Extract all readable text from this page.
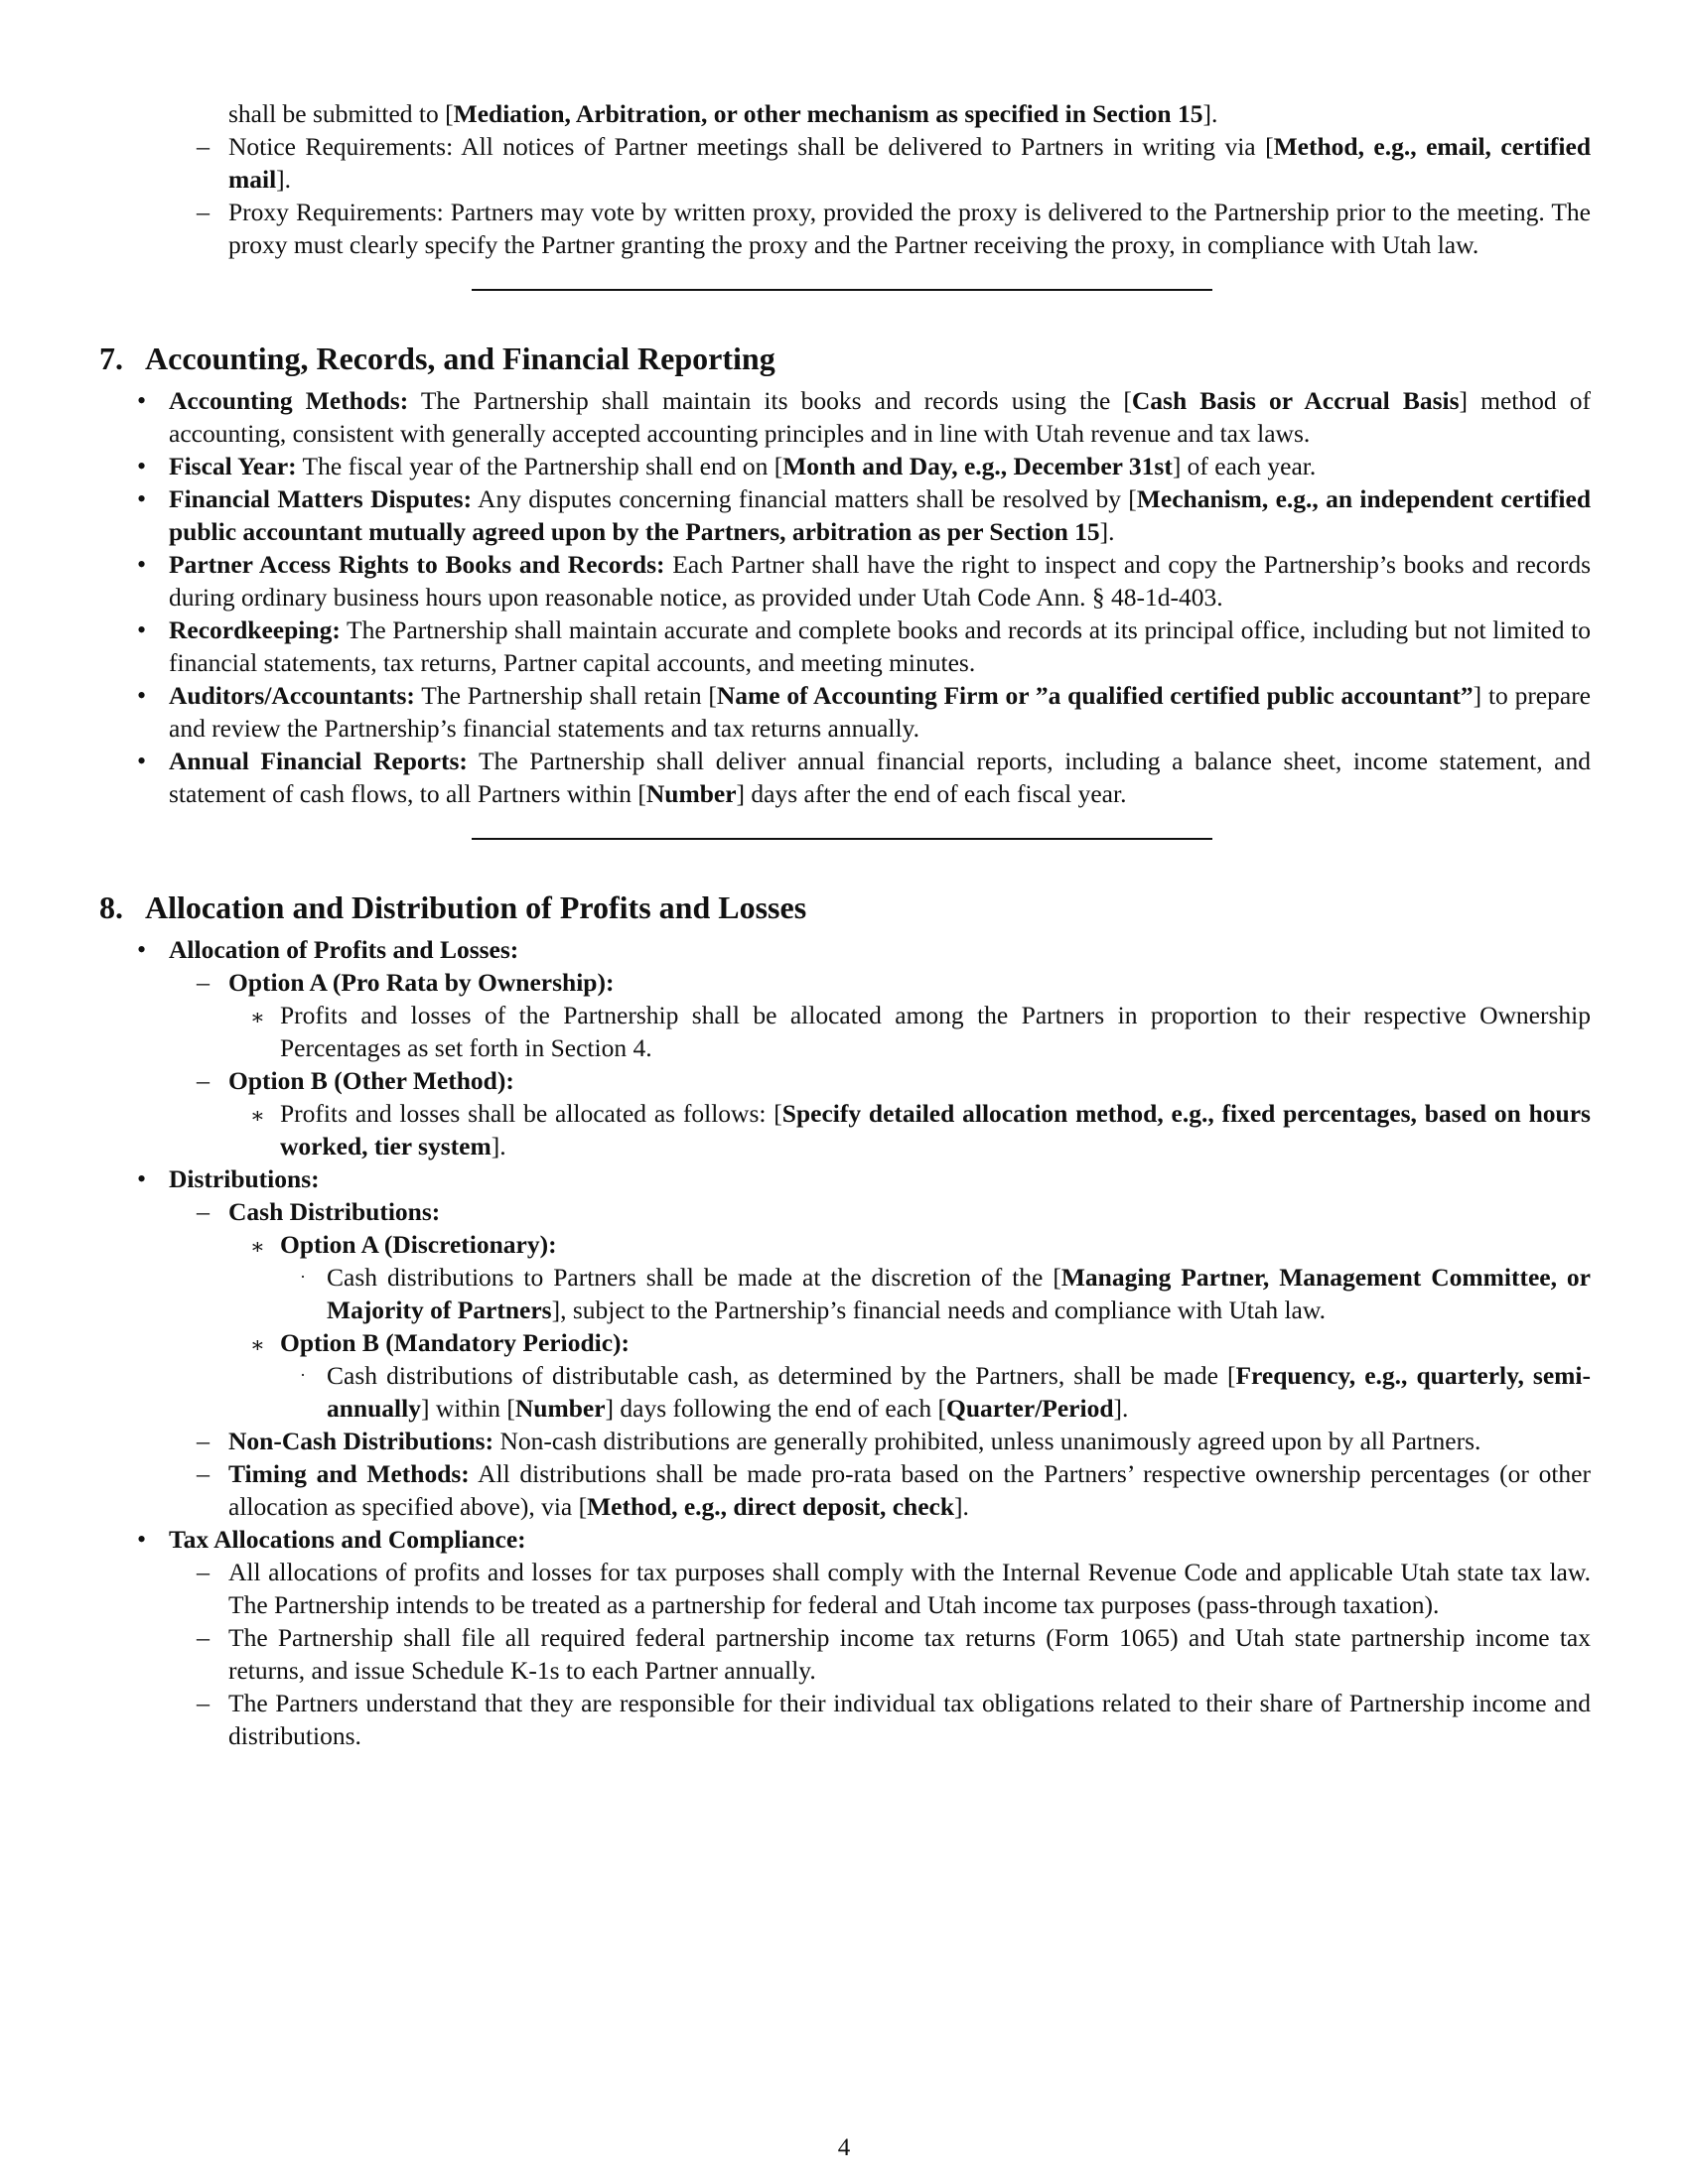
shall be submitted to [Mediation, Arbitration, or other mechanism as specified in Section 15].
– Notice Requirements: All notices of Partner meetings shall be delivered to Partners in writing via [Method, e.g., email, certified mail].
– Proxy Requirements: Partners may vote by written proxy, provided the proxy is delivered to the Partnership prior to the meeting. The proxy must clearly specify the Partner granting the proxy and the Partner receiving the proxy, in compliance with Utah law.
7. Accounting, Records, and Financial Reporting
• Accounting Methods: The Partnership shall maintain its books and records using the [Cash Basis or Accrual Basis] method of accounting, consistent with generally accepted accounting principles and in line with Utah revenue and tax laws.
• Fiscal Year: The fiscal year of the Partnership shall end on [Month and Day, e.g., December 31st] of each year.
• Financial Matters Disputes: Any disputes concerning financial matters shall be resolved by [Mechanism, e.g., an independent certified public accountant mutually agreed upon by the Partners, arbitration as per Section 15].
• Partner Access Rights to Books and Records: Each Partner shall have the right to inspect and copy the Partnership’s books and records during ordinary business hours upon reasonable notice, as provided under Utah Code Ann. § 48-1d-403.
• Recordkeeping: The Partnership shall maintain accurate and complete books and records at its principal office, including but not limited to financial statements, tax returns, Partner capital accounts, and meeting minutes.
• Auditors/Accountants: The Partnership shall retain [Name of Accounting Firm or ”a qualified certified public accountant”] to prepare and review the Partnership’s financial statements and tax returns annually.
• Annual Financial Reports: The Partnership shall deliver annual financial reports, including a balance sheet, income statement, and statement of cash flows, to all Partners within [Number] days after the end of each fiscal year.
8. Allocation and Distribution of Profits and Losses
• Allocation of Profits and Losses:
– Option A (Pro Rata by Ownership):
∗ Profits and losses of the Partnership shall be allocated among the Partners in proportion to their respective Ownership Percentages as set forth in Section 4.
– Option B (Other Method):
∗ Profits and losses shall be allocated as follows: [Specify detailed allocation method, e.g., fixed percentages, based on hours worked, tier system].
• Distributions:
– Cash Distributions:
∗ Option A (Discretionary):
· Cash distributions to Partners shall be made at the discretion of the [Managing Partner, Management Committee, or Majority of Partners], subject to the Partnership’s financial needs and compliance with Utah law.
∗ Option B (Mandatory Periodic):
· Cash distributions of distributable cash, as determined by the Partners, shall be made [Frequency, e.g., quarterly, semi-annually] within [Number] days following the end of each [Quarter/Period].
– Non-Cash Distributions: Non-cash distributions are generally prohibited, unless unanimously agreed upon by all Partners.
– Timing and Methods: All distributions shall be made pro-rata based on the Partners’ respective ownership percentages (or other allocation as specified above), via [Method, e.g., direct deposit, check].
• Tax Allocations and Compliance:
– All allocations of profits and losses for tax purposes shall comply with the Internal Revenue Code and applicable Utah state tax law. The Partnership intends to be treated as a partnership for federal and Utah income tax purposes (pass-through taxation).
– The Partnership shall file all required federal partnership income tax returns (Form 1065) and Utah state partnership income tax returns, and issue Schedule K-1s to each Partner annually.
– The Partners understand that they are responsible for their individual tax obligations related to their share of Partnership income and distributions.
4
